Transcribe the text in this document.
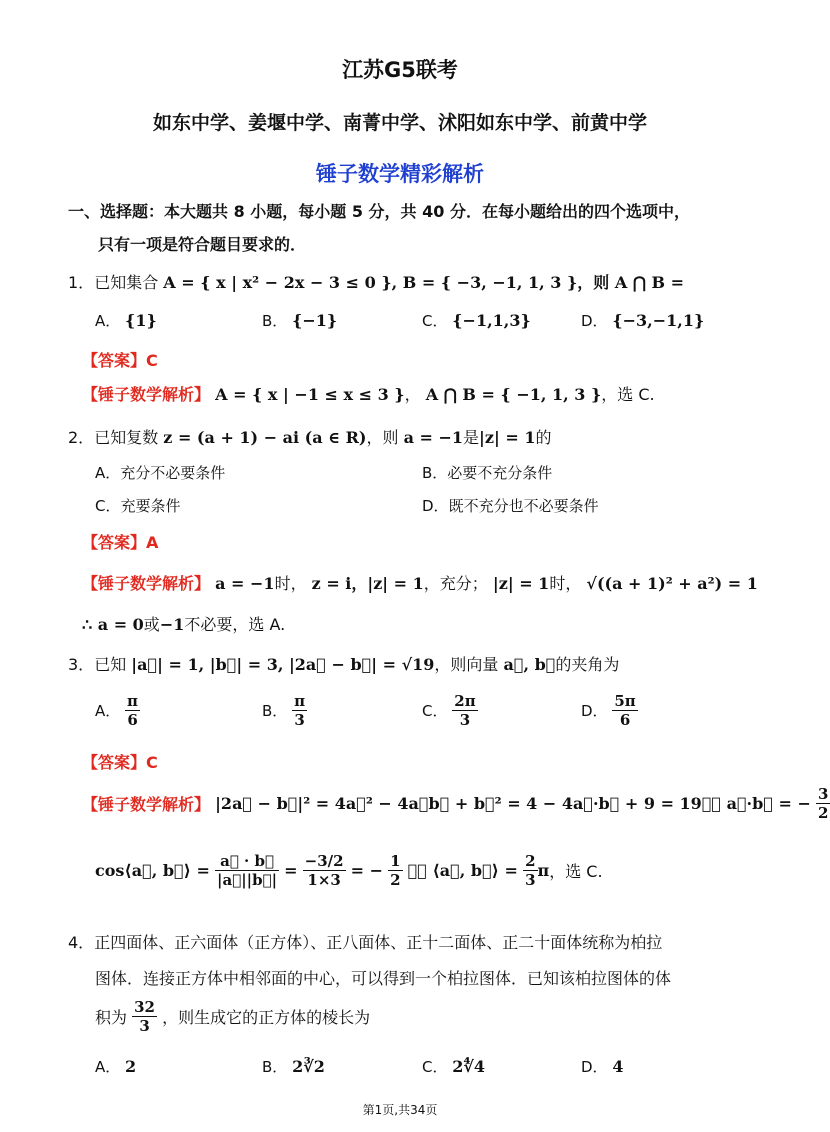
江苏G5联考
如东中学、姜堰中学、南菁中学、沭阳如东中学、前黄中学
锤子数学精彩解析
一、选择题：本大题共 8 小题，每小题 5 分，共 40 分．在每小题给出的四个选项中，
只有一项是符合题目要求的．
1．已知集合 A = { x | x² − 2x − 3 ≤ 0 }, B = { −3, −1, 1, 3 }，则 A ⋂ B =
A． {1}	B． {−1}	C． {−1,1,3}	D． {−3,−1,1}
【答案】C
【锤子数学解析】 A = { x | −1 ≤ x ≤ 3 }， A ⋂ B = { −1, 1, 3 }，选 C.
2．已知复数 z = (a + 1) − ai (a ∈ R)，则 a = −1是|z| = 1的
A．充分不必要条件	B．必要不充分条件
C．充要条件	D．既不充分也不必要条件
【答案】A
【锤子数学解析】 a = −1时， z = i，|z| = 1，充分； |z| = 1时， √((a + 1)² + a²) = 1
∴ a = 0或−1不必要，选 A.
3．已知 |a⃗| = 1, |b⃗| = 3, |2a⃗ − b⃗| = √19，则向量 a⃗, b⃗的夹角为
A． $\frac{\pi}{6}$	B． $\frac{\pi}{3}$	C． $\frac{2\pi}{3}$	D． $\frac{5\pi}{6}$
【答案】C
【锤子数学解析】 |2a⃗ − b⃗|² = 4a⃗² − 4a⃗b⃗ + b⃗² = 4 − 4a⃗·b⃗ + 9 = 19，∴ a⃗·b⃗ = − $\frac{3}{2}$
cos⟨a⃗, b⃗⟩ = $\frac{a⃗ \cdot b⃗}{|a⃗||b⃗|} = \frac{-3/2}{1\times 3}$ = − $\frac{1}{2}$ ，∴ ⟨a⃗, b⃗⟩ = $\frac{2}{3}$ π，选 C.
4．正四面体、正六面体（正方体）、正八面体、正十二面体、正二十面体统称为柏拉
图体．连接正方体中相邻面的中心，可以得到一个柏拉图体．已知该柏拉图体的体
积为 $\frac{32}{3}$ ，则生成它的正方体的棱长为
A． 2	B． 2∛2	C． 2∜4	D． 4
第1页,共34页
